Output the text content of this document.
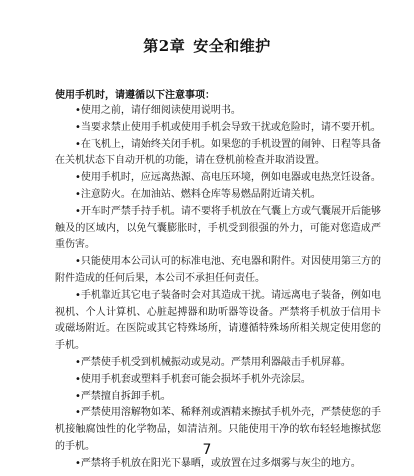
第2章 安全和维护
使用手机时，请遵循以下注意事项：

•使用之前，请仔细阅读使用说明书。

•当要求禁止使用手机或使用手机会导致干扰或危险时，请不要开机。

•在飞机上，请始终关闭手机。如果您的手机设置的闹钟、日程等具备在关机状态下自动开机的功能，请在登机前检查并取消设置。

•使用手机时，应远离热源、高电压环境，例如电器或电热烹饪设备。

•注意防火。在加油站、燃料仓库等易燃品附近请关机。

•开车时严禁手持手机。请不要将手机放在气囊上方或气囊展开后能够触及的区域内，以免气囊膨胀时，手机受到很强的外力，可能对您造成严重伤害。

•只能使用本公司认可的标准电池、充电器和附件。对因使用第三方的附件造成的任何后果，本公司不承担任何责任。

•手机靠近其它电子装备时会对其造成干扰。请远离电子装备，例如电视机、个人计算机、心脏起搏器和助听器等设备。严禁将手机放于信用卡或磁场附近。在医院或其它特殊场所，请遵循特殊场所相关规定使用您的手机。

•严禁使手机受到机械振动或晃动。严禁用利器敲击手机屏幕。

•使用手机套或塑料手机套可能会损坏手机外壳涂层。

•严禁擅自拆卸手机。

•严禁使用溶解物如苯、稀释剂或酒精来擦拭手机外壳，严禁使您的手机接触腐蚀性的化学物品，如清洁剂。只能使用干净的软布轻轻地擦拭您的手机。

•严禁将手机放在阳光下暴晒，或放置在过多烟雾与灰尘的地方。

7
